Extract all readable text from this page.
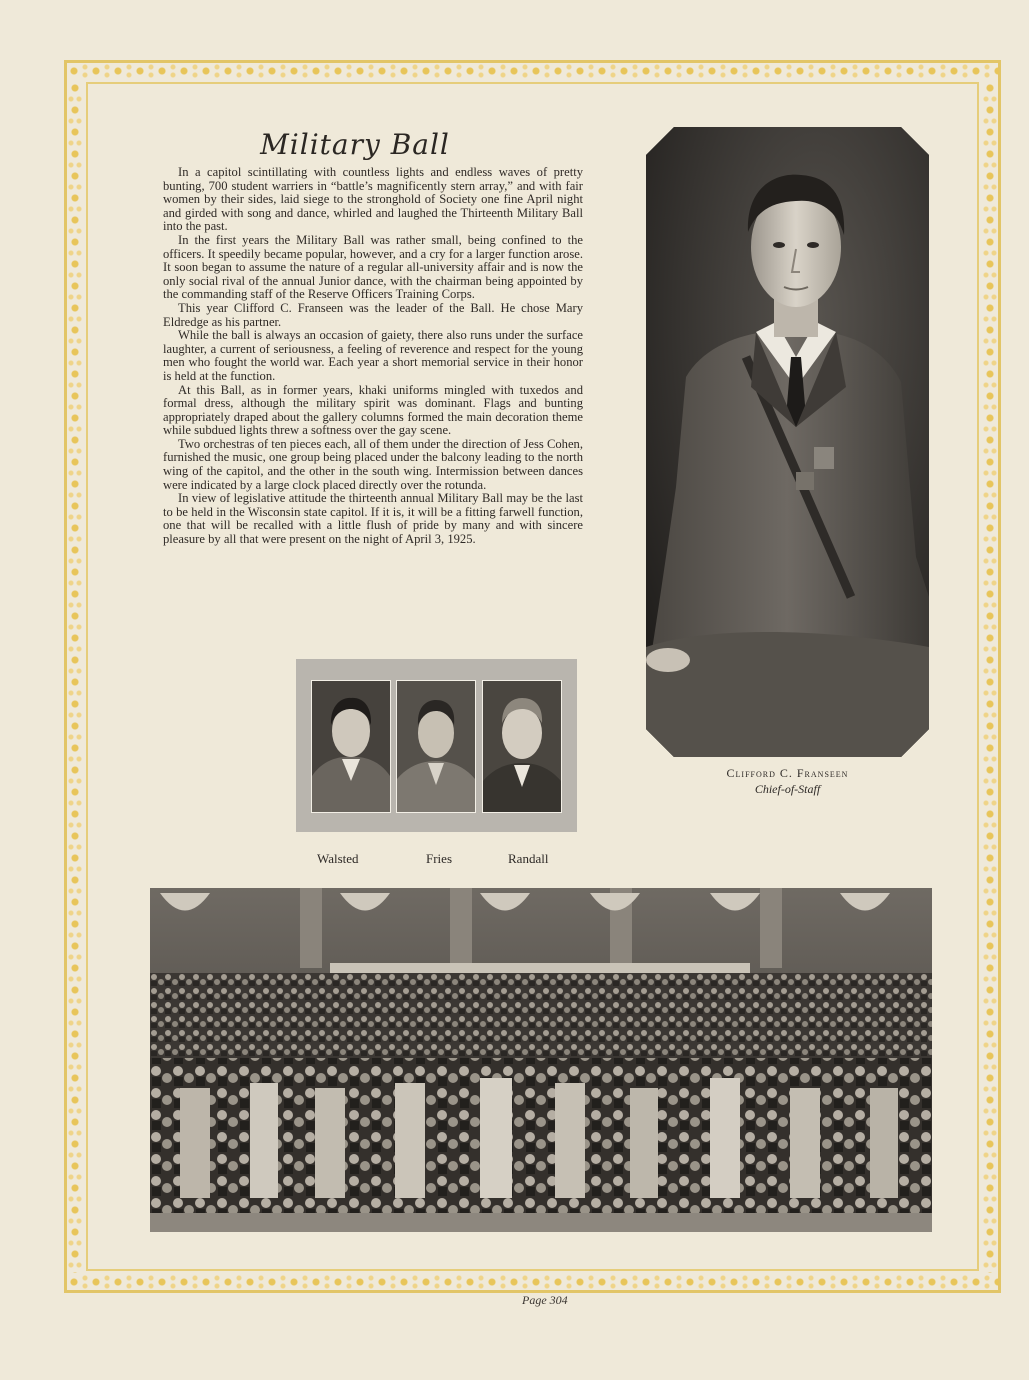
Military Ball

In a capitol scintillating with countless lights and endless waves of pretty bunting, 700 student warriers in “battle’s magnificently stern array,” and with fair women by their sides, laid siege to the stronghold of Society one fine April night and girded with song and dance, whirled and laughed the Thirteenth Military Ball into the past.

In the first years the Military Ball was rather small, being confined to the officers. It speedily became popular, however, and a cry for a larger function arose. It soon began to assume the nature of a regular all-university affair and is now the only social rival of the annual Junior dance, with the chairman being appointed by the commanding staff of the Reserve Officers Training Corps.

This year Clifford C. Franseen was the leader of the Ball. He chose Mary Eldredge as his partner.

While the ball is always an occasion of gaiety, there also runs under the surface laughter, a current of seriousness, a feeling of reverence and respect for the young men who fought the world war. Each year a short memorial service in their honor is held at the function.

At this Ball, as in former years, khaki uniforms mingled with tuxedos and formal dress, although the military spirit was dominant. Flags and bunting appropriately draped about the gallery columns formed the main decoration theme while subdued lights threw a softness over the gay scene.

Two orchestras of ten pieces each, all of them under the direction of Jess Cohen, furnished the music, one group being placed under the balcony leading to the north wing of the capitol, and the other in the south wing. Intermission between dances were indicated by a large clock placed directly over the rotunda.

In view of legislative attitude the thirteenth annual Military Ball may be the last to be held in the Wisconsin state capitol. If it is, it will be a fitting farwell function, one that will be recalled with a little flush of pride by many and with sincere pleasure by all that were present on the night of April 3, 1925.

Clifford C. Franseen
Chief-of-Staff
Walsted	Fries	Randall
Page 304
